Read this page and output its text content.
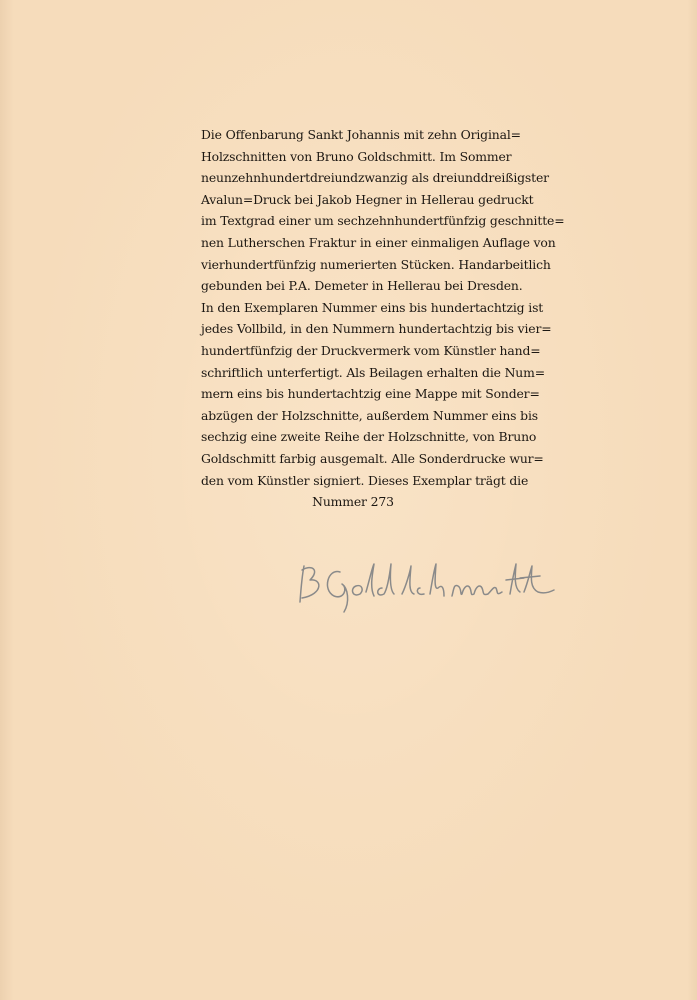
Die Offenbarung Sankt Johannis mit zehn Original=
Holzschnitten von Bruno Goldschmitt. Im Sommer
neunzehnhundertdreiundzwanzig als dreiunddreißigster
Avalun=Druck bei Jakob Hegner in Hellerau gedruckt
im Textgrad einer um sechzehnhundertfünfzig geschnitte=
nen Lutherschen Fraktur in einer einmaligen Auflage von
vierhundertfünfzig numerierten Stücken. Handarbeitlich
gebunden bei P.A. Demeter in Hellerau bei Dresden.
In den Exemplaren Nummer eins bis hundertachtzig ist
jedes Vollbild, in den Nummern hundertachtzig bis vier=
hundertfünfzig der Druckvermerk vom Künstler hand=
schriftlich unterfertigt. Als Beilagen erhalten die Num=
mern eins bis hundertachtzig eine Mappe mit Sonder=
abzügen der Holzschnitte, außerdem Nummer eins bis
sechzig eine zweite Reihe der Holzschnitte, von Bruno
Goldschmitt farbig ausgemalt. Alle Sonderdrucke wur=
den vom Künstler signiert. Dieses Exemplar trägt die
Nummer 273
